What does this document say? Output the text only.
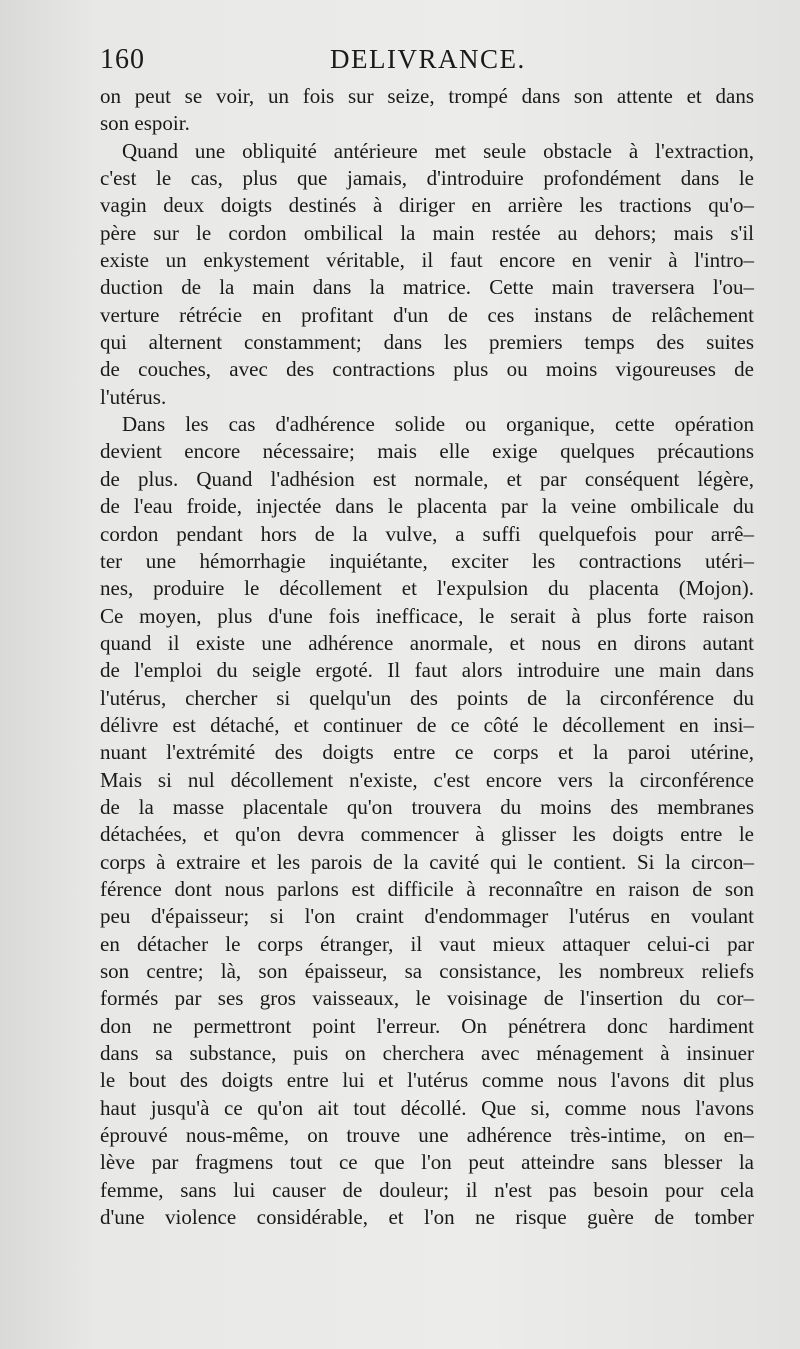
160	DELIVRANCE.
on peut se voir, un fois sur seize, trompé dans son attente et dans
son espoir.
Quand une obliquité antérieure met seule obstacle à l'extraction,
c'est le cas, plus que jamais, d'introduire profondément dans le
vagin deux doigts destinés à diriger en arrière les tractions qu'o–
père sur le cordon ombilical la main restée au dehors; mais s'il
existe un enkystement véritable, il faut encore en venir à l'intro–
duction de la main dans la matrice. Cette main traversera l'ou–
verture rétrécie en profitant d'un de ces instans de relâchement
qui alternent constamment; dans les premiers temps des suites
de couches, avec des contractions plus ou moins vigoureuses de
l'utérus.
Dans les cas d'adhérence solide ou organique, cette opération
devient encore nécessaire; mais elle exige quelques précautions
de plus. Quand l'adhésion est normale, et par conséquent légère,
de l'eau froide, injectée dans le placenta par la veine ombilicale du
cordon pendant hors de la vulve, a suffi quelquefois pour arrê–
ter une hémorrhagie inquiétante, exciter les contractions utéri–
nes, produire le décollement et l'expulsion du placenta (Mojon).
Ce moyen, plus d'une fois inefficace, le serait à plus forte raison
quand il existe une adhérence anormale, et nous en dirons autant
de l'emploi du seigle ergoté. Il faut alors introduire une main dans
l'utérus, chercher si quelqu'un des points de la circonférence du
délivre est détaché, et continuer de ce côté le décollement en insi–
nuant l'extrémité des doigts entre ce corps et la paroi utérine,
Mais si nul décollement n'existe, c'est encore vers la circonférence
de la masse placentale qu'on trouvera du moins des membranes
détachées, et qu'on devra commencer à glisser les doigts entre le
corps à extraire et les parois de la cavité qui le contient. Si la circon–
férence dont nous parlons est difficile à reconnaître en raison de son
peu d'épaisseur; si l'on craint d'endommager l'utérus en voulant
en détacher le corps étranger, il vaut mieux attaquer celui-ci par
son centre; là, son épaisseur, sa consistance, les nombreux reliefs
formés par ses gros vaisseaux, le voisinage de l'insertion du cor–
don ne permettront point l'erreur. On pénétrera donc hardiment
dans sa substance, puis on cherchera avec ménagement à insinuer
le bout des doigts entre lui et l'utérus comme nous l'avons dit plus
haut jusqu'à ce qu'on ait tout décollé. Que si, comme nous l'avons
éprouvé nous-même, on trouve une adhérence très-intime, on en–
lève par fragmens tout ce que l'on peut atteindre sans blesser la
femme, sans lui causer de douleur; il n'est pas besoin pour cela
d'une violence considérable, et l'on ne risque guère de tomber
